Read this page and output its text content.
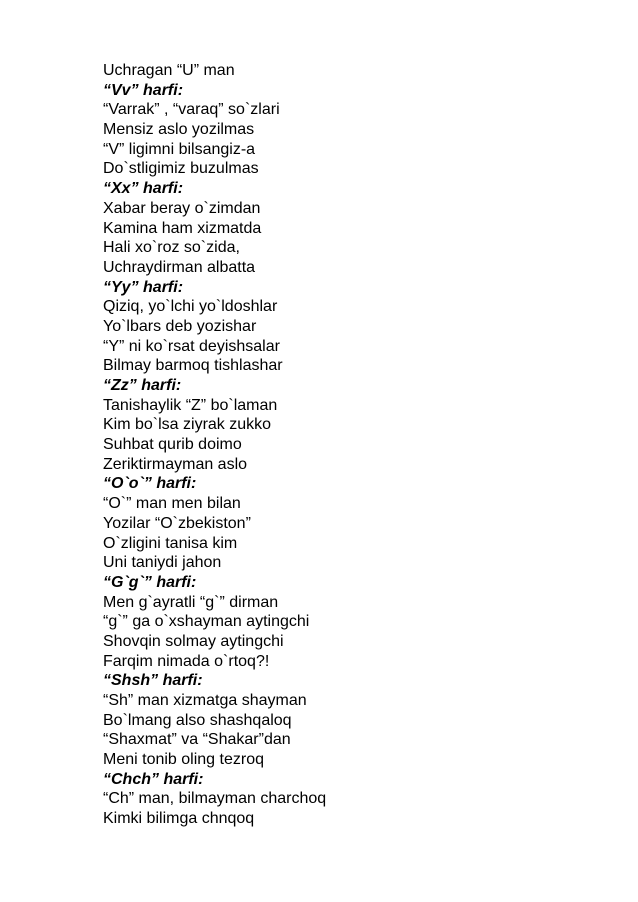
Uchragan “U” man
“Vv” harfi:
“Varrak” , “varaq” so`zlari
Mensiz aslo yozilmas
“V” ligimni bilsangiz-a
Do`stligimiz buzulmas
“Xx” harfi:
Xabar beray o`zimdan
Kamina ham xizmatda
Hali xo`roz so`zida,
Uchraydirman albatta
“Yy” harfi:
Qiziq, yo`lchi yo`ldoshlar
Yo`lbars deb yozishar
“Y” ni ko`rsat deyishsalar
Bilmay barmoq tishlashar
“Zz” harfi:
Tanishaylik “Z” bo`laman
Kim bo`lsa ziyrak zukko
Suhbat qurib doimo
Zeriktirmayman aslo
“O`o`” harfi:
“O`” man men bilan
Yozilar “O`zbekiston”
O`zligini tanisa kim
Uni taniydi jahon
“G`g`” harfi:
Men g`ayratli “g`” dirman
“g`” ga o`xshayman aytingchi
Shovqin solmay aytingchi
Farqim nimada o`rtoq?!
“Shsh” harfi:
“Sh” man xizmatga shayman
Bo`lmang also shashqaloq
“Shaxmat” va “Shakar”dan
Meni tonib oling tezroq
“Chch” harfi:
“Ch” man, bilmayman charchoq
Kimki bilimga chnqoq
